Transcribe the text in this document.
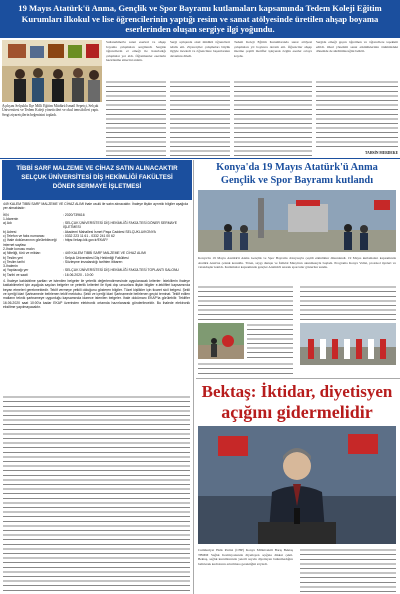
19 Mayıs Atatürk'ü Anma, Gençlik ve Spor Bayramı kutlamaları kapsamında Tedem Koleji Eğitim Kurumları ilkokul ve lise öğrencilerinin yaptığı resim ve sanat atölyesinde üretilen ahşap boyama eserlerinden oluşan sergiye ilgi yoğundu.
Açılışını Selçuklu İlçe Milli Eğitim Müdürü İsmail Sepetçi, Selçuk Üniversitesi ve Tedem Koleji yöneticileri ve okul temsilcileri yaptı. Sergi ziyaretçilerin beğenisini topladı.
Sultanahmet'te sanat eserleri ve ahşap boyama çalışmaları sergilendi. Sergide öğrencilerin el emeği ile hazırladığı çalışmalar yer aldı. Öğretmenler eserlerin hazırlanma sürecini anlattı.
Sergi açılışında okul müdürü öğrencileri tebrik etti. Ziyaretçiler çalışmaları büyük ilgiyle inceledi ve öğrencilere başarılarının devamını diledi.
Tedem Koleji Eğitim Kurumlarında sanat atölyesi çalışmaları yıl boyunca devam etti. Öğrenciler ahşap üzerine çeşitli motifler işleyerek özgün eserler ortaya koydu.
Sergide emeği geçen öğretmen ve öğrencilere teşekkür edildi. Okul yönetimi sanat etkinliklerinin önümüzdeki dönemde de sürdürüleceğini belirtti.
TAHSİN MERDEKE
TİBBİ SARF MALZEME VE CİHAZ SATIN ALINACAKTIR
SELÇUK ÜNİVERSİTESİ DİŞ HEKİMLİĞİ FAKÜLTESİ
DÖNER SERMAYE İŞLETMESİ
449 KALEM TIBBİ SARF MALZEME VE CİHAZ ALIMI ihale usulü ile satın alınacaktır. İhaleye ilişkin ayrıntılı bilgiler aşağıda yer almaktadır:
İKN	: 2020/739616
1-İdarenin
a) Adı	: SELÇUK ÜNİVERSİTESİ DİŞ HEKİMLİĞİ FAKÜLTESİ DÖNER SERMAYE İŞLETMESİ
b) Adresi	: Akademi Mahallesi İsmet Paşa Caddesi SELÇUKLU/KONYA
c) Telefon ve faks numarası	: 0332 223 11 61 - 0332 241 00 62
ç) İhale dokümanının görülebileceği internet sayfası
: https://ekap.kik.gov.tr/EKAP/
2-İhale konusu malın
a) Niteliği, türü ve miktarı	: 449 KALEM TIBBİ SARF MALZEME VE CİHAZ ALIMI
b) Teslim yeri	: Selçuk Üniversitesi Diş Hekimliği Fakültesi
c) Teslim tarihi	: Sözleşme imzalandığı tarihten itibaren
3-İhalenin
a) Yapılacağı yer	: SELÇUK ÜNİVERSİTESİ DİŞ HEKİMLİĞİ FAKÜLTESİ TOPLANTI SALONU
b) Tarihi ve saati	: 16.06.2020 - 10:00
4. İhaleye katılabilme şartları ve istenilen belgeler ile yeterlik değerlendirmesinde uygulanacak kriterler: İsteklilerin ihaleye katılabilmeleri için aşağıda sayılan belgeler ve yeterlik kriterleri ile fiyat dışı unsurlara ilişkin bilgiler e-teklifleri kapsamında beyan etmeleri gerekmektedir. Teklif vermeye yetkili olduğunu gösteren bilgiler. Tüzel kişilikler için ticaret sicil belgesi. Şekli ve içeriği İdari Şartnamede belirlenen teklif mektubu. Şekli ve içeriği İdari Şartnamede belirlenen geçici teminat. Teklif edilen malların teknik şartnameye uygunluğu kapsamında idarece istenilen belgeler. İhale dokümanı EKAP'ta görülebilir. Teklifler 16.06.2020 saat 10:00'a kadar EKAP üzerinden elektronik ortamda hazırlanarak gönderilecektir. Bu ihalede elektronik eksiltme yapılmayacaktır.
Konya'da 19 Mayıs Atatürk'ü Anma Gençlik ve Spor Bayramı kutlandı
Konya'da 19 Mayıs Atatürk'ü Anma Gençlik ve Spor Bayramı dolayısıyla çeşitli etkinlikler düzenlendi. 19 Mayıs kutlamaları kapsamında Atatürk Anıtı'na çelenk konuldu. Tören, saygı duruşu ve İstiklal Marşı'nın okunmasıyla başladı. Programa Konya Valisi, protokol üyeleri ve vatandaşlar katıldı. Kutlamalar kapsamında gençler Atatürk'ü anarak sporcular gösteriler sundu.
Bektaş: İktidar, diyetisyen
açığını gidermelidir
Cumhuriyet Halk Partisi (CHP) Konya Milletvekili Barış Bektaş TBMM Sağlık Komisyonunda diyetisyen açığına dikkat çekti. Bektaş, sağlık kurumlarında yeterli sayıda diyetisyen bulunmadığını belirterek kadroların artırılması gerektiğini söyledi.
